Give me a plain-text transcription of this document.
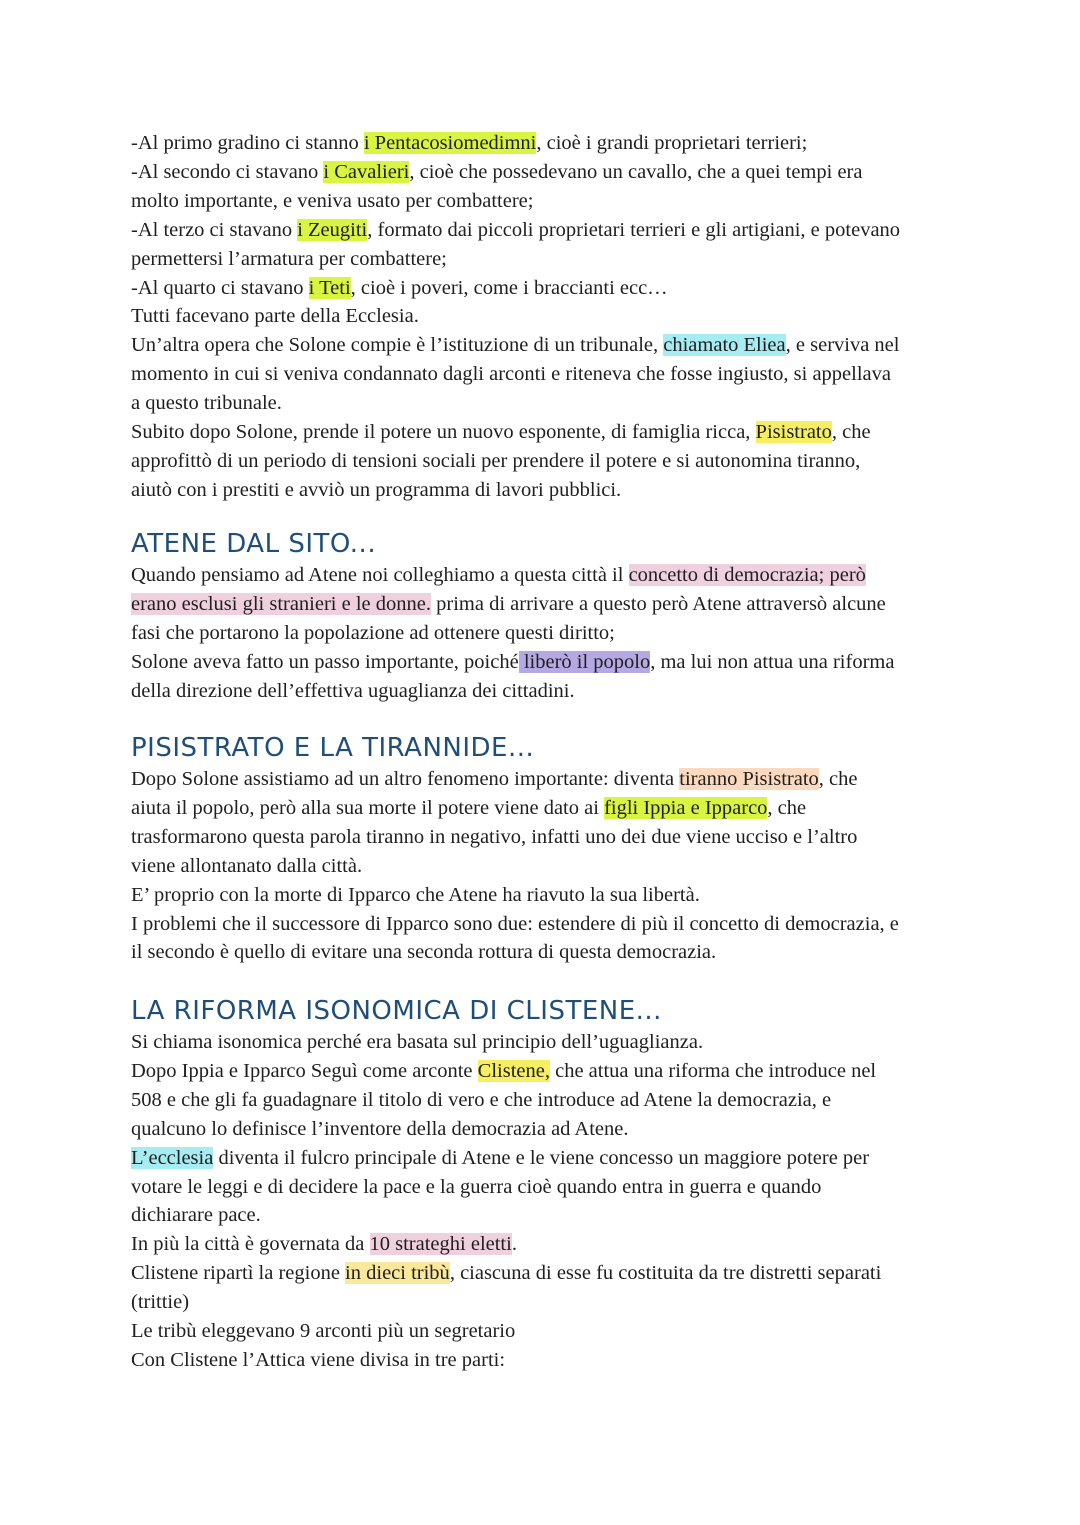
-Al primo gradino ci stanno i Pentacosiomedimni, cioè i grandi proprietari terrieri;
-Al secondo ci stavano i Cavalieri, cioè che possedevano un cavallo, che a quei tempi era
molto importante, e veniva usato per combattere;
-Al terzo ci stavano i Zeugiti, formato dai piccoli proprietari terrieri e gli artigiani, e potevano
permettersi l’armatura per combattere;
-Al quarto ci stavano i Teti, cioè i poveri, come i braccianti ecc…
Tutti facevano parte della Ecclesia.
Un’altra opera che Solone compie è l’istituzione di un tribunale, chiamato Eliea, e serviva nel
momento in cui si veniva condannato dagli arconti e riteneva che fosse ingiusto, si appellava
a questo tribunale.
Subito dopo Solone, prende il potere un nuovo esponente, di famiglia ricca, Pisistrato, che
approfittò di un periodo di tensioni sociali per prendere il potere e si autonomina tiranno,
aiutò con i prestiti e avviò un programma di lavori pubblici.
ATENE DAL SITO...
Quando pensiamo ad Atene noi colleghiamo a questa città il concetto di democrazia; però
erano esclusi gli stranieri e le donne. prima di arrivare a questo però Atene attraversò alcune
fasi che portarono la popolazione ad ottenere questi diritto;
Solone aveva fatto un passo importante, poiché liberò il popolo, ma lui non attua una riforma
della direzione dell’effettiva uguaglianza dei cittadini.
PISISTRATO E LA TIRANNIDE...
Dopo Solone assistiamo ad un altro fenomeno importante: diventa tiranno Pisistrato, che
aiuta il popolo, però alla sua morte il potere viene dato ai figli Ippia e Ipparco, che
trasformarono questa parola tiranno in negativo, infatti uno dei due viene ucciso e l’altro
viene allontanato dalla città.
E’ proprio con la morte di Ipparco che Atene ha riavuto la sua libertà.
I problemi che il successore di Ipparco sono due: estendere di più il concetto di democrazia, e
il secondo è quello di evitare una seconda rottura di questa democrazia.
LA RIFORMA ISONOMICA DI CLISTENE...
Si chiama isonomica perché era basata sul principio dell’uguaglianza.
Dopo Ippia e Ipparco Seguì come arconte Clistene, che attua una riforma che introduce nel
508 e che gli fa guadagnare il titolo di vero e che introduce ad Atene la democrazia, e
qualcuno lo definisce l’inventore della democrazia ad Atene.
L’ecclesia diventa il fulcro principale di Atene e le viene concesso un maggiore potere per
votare le leggi e di decidere la pace e la guerra cioè quando entra in guerra e quando
dichiarare pace.
In più la città è governata da 10 strateghi eletti.
Clistene ripartì la regione in dieci tribù, ciascuna di esse fu costituita da tre distretti separati
(trittie)
Le tribù eleggevano 9 arconti più un segretario
Con Clistene l’Attica viene divisa in tre parti:
